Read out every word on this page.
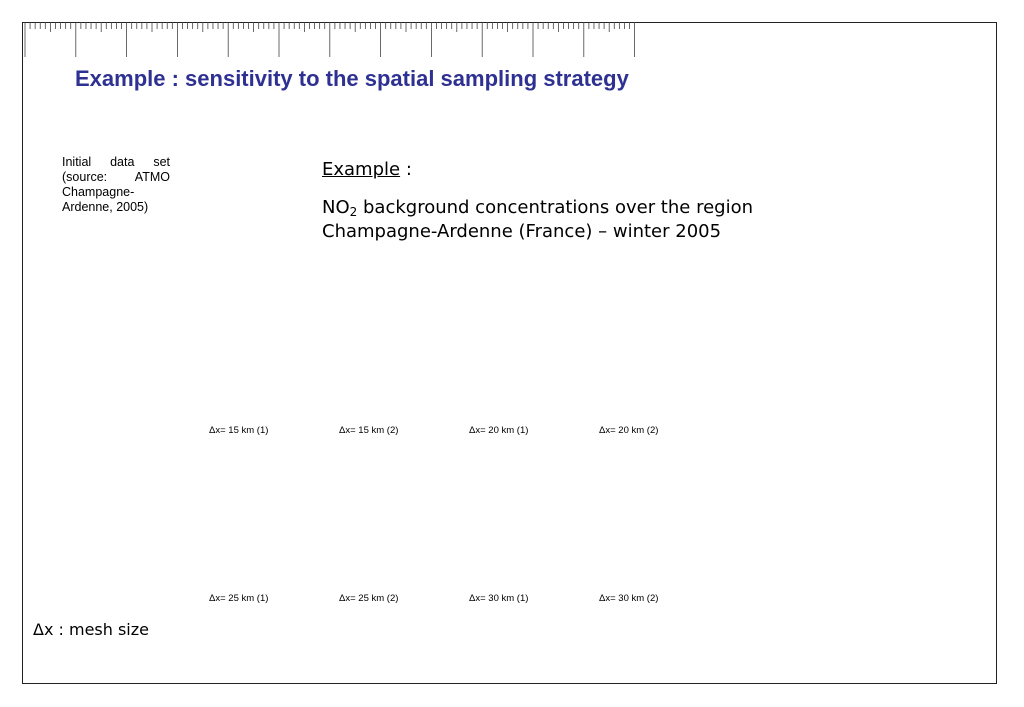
Example : sensitivity to the spatial sampling strategy
Initial data set (source: ATMO Champagne-Ardenne, 2005)
Example :
$NO_2$ background concentrations over the region Champagne-Ardenne (France) – winter 2005
Δx= 15 km (1)	Δx= 15 km (2)	Δx= 20 km (1)	Δx= 20 km (2)
Δx= 25 km (1)	Δx= 25 km (2)	Δx= 30 km (1)	Δx= 30 km (2)
Δx : mesh size
